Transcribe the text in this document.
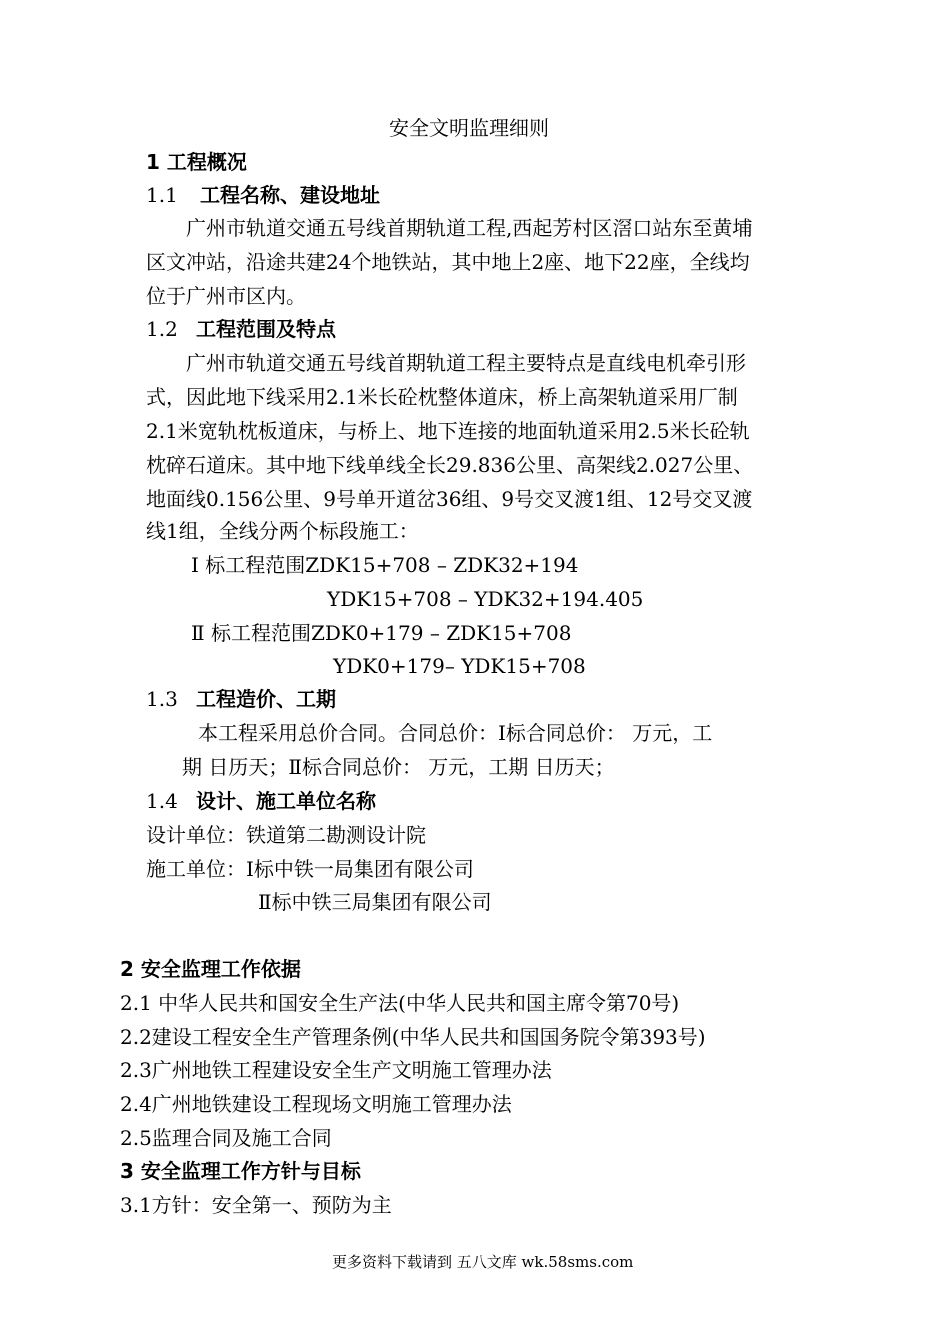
安全文明监理细则
1 工程概况
1.1 工程名称、建设地址
广州市轨道交通五号线首期轨道工程,西起芳村区滘口站东至黄埔
区文冲站，沿途共建24个地铁站，其中地上2座、地下22座，全线均
位于广州市区内。
1.2 工程范围及特点
广州市轨道交通五号线首期轨道工程主要特点是直线电机牵引形
式，因此地下线采用2.1米长砼枕整体道床，桥上高架轨道采用厂制
2.1米宽轨枕板道床，与桥上、地下连接的地面轨道采用2.5米长砼轨
枕碎石道床。其中地下线单线全长29.836公里、高架线2.027公里、
地面线0.156公里、9号单开道岔36组、9号交叉渡1组、12号交叉渡
线1组，全线分两个标段施工：
Ⅰ 标工程范围ZDK15+708 – ZDK32+194
YDK15+708 – YDK32+194.405
Ⅱ 标工程范围ZDK0+179 – ZDK15+708
YDK0+179– YDK15+708
1.3 工程造价、工期
本工程采用总价合同。合同总价：Ⅰ标合同总价： 万元，工
期 日历天；Ⅱ标合同总价： 万元，工期 日历天；
1.4 设计、施工单位名称
设计单位：铁道第二勘测设计院
施工单位：Ⅰ标中铁一局集团有限公司
Ⅱ标中铁三局集团有限公司
2 安全监理工作依据
2.1 中华人民共和国安全生产法(中华人民共和国主席令第70号)
2.2建设工程安全生产管理条例(中华人民共和国国务院令第393号)
2.3广州地铁工程建设安全生产文明施工管理办法
2.4广州地铁建设工程现场文明施工管理办法
2.5监理合同及施工合同
3 安全监理工作方针与目标
3.1方针：安全第一、预防为主
更多资料下载请到 五八文库 wk.58sms.com
